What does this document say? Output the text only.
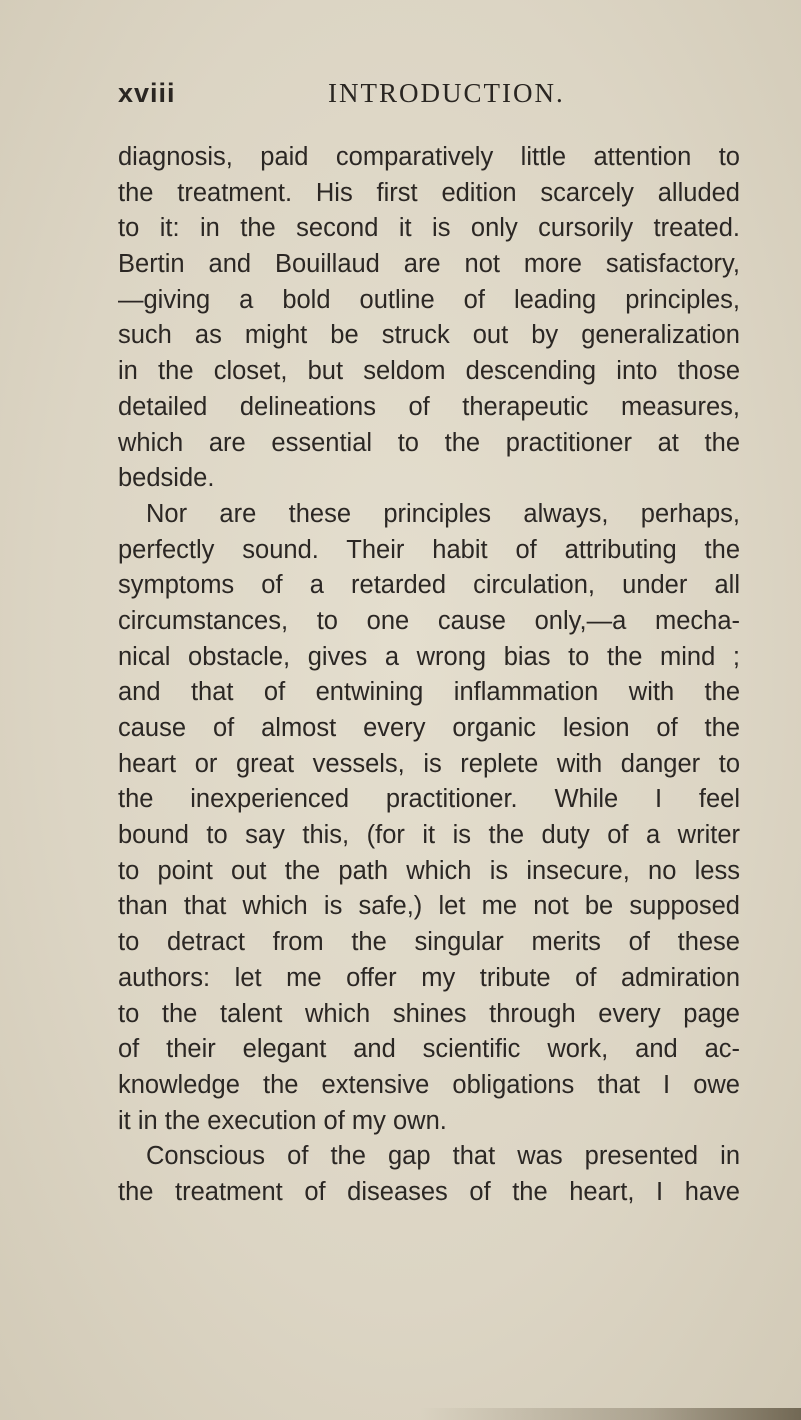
xviii	INTRODUCTION.
diagnosis, paid comparatively little attention to
the treatment. His first edition scarcely alluded
to it: in the second it is only cursorily treated.
Bertin and Bouillaud are not more satisfactory,
—giving a bold outline of leading principles,
such as might be struck out by generalization
in the closet, but seldom descending into those
detailed delineations of therapeutic measures,
which are essential to the practitioner at the
bedside.
Nor are these principles always, perhaps,
perfectly sound. Their habit of attributing the
symptoms of a retarded circulation, under all
circumstances, to one cause only,—a mecha-
nical obstacle, gives a wrong bias to the mind ;
and that of entwining inflammation with the
cause of almost every organic lesion of the
heart or great vessels, is replete with danger to
the inexperienced practitioner. While I feel
bound to say this, (for it is the duty of a writer
to point out the path which is insecure, no less
than that which is safe,) let me not be supposed
to detract from the singular merits of these
authors: let me offer my tribute of admiration
to the talent which shines through every page
of their elegant and scientific work, and ac-
knowledge the extensive obligations that I owe
it in the execution of my own.
Conscious of the gap that was presented in
the treatment of diseases of the heart, I have
